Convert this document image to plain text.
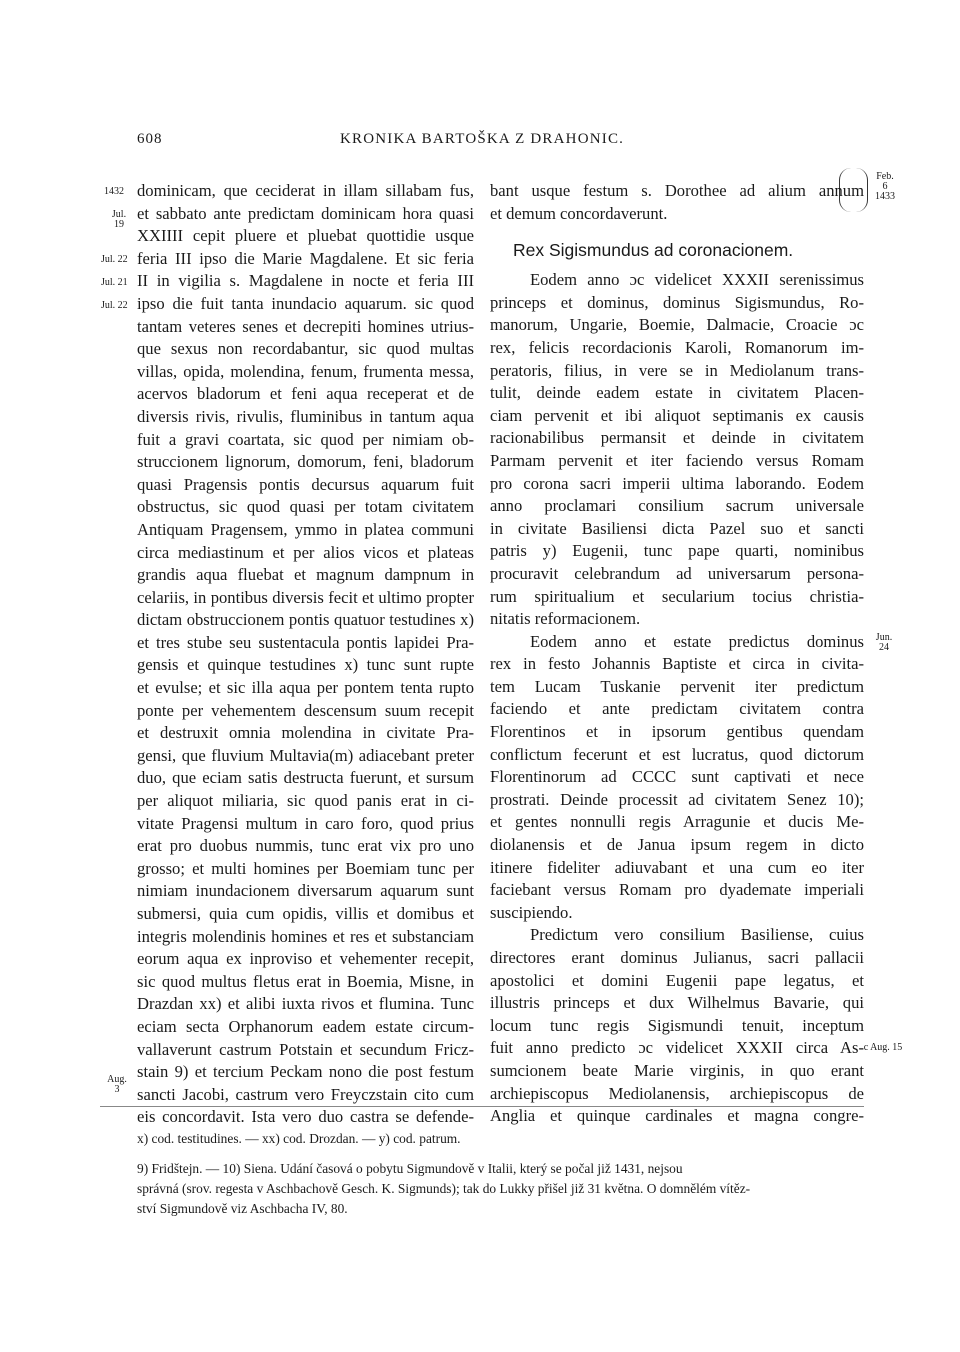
608	KRONIKA BARTOŠKA Z DRAHONIC.
1432
Jul. 19
Jul. 22
Jul. 21
Jul. 22
Aug. 3
Feb. 6 1433
Jun. 24
c Aug. 15
dominicam, que ceciderat in illam sillabam fus,
et sabbato ante predictam dominicam hora quasi
XXIIII cepit pluere et pluebat quottidie usque
feria III ipso die Marie Magdalene. Et sic feria
II in vigilia s. Magdalene in nocte et feria III
ipso die fuit tanta inundacio aquarum. sic quod
tantam veteres senes et decrepiti homines utrius-
que sexus non recordabantur, sic quod multas
villas, opida, molendina, fenum, frumenta messa,
acervos bladorum et feni aqua receperat et de
diversis rivis, rivulis, fluminibus in tantum aqua
fuit a gravi coartata, sic quod per nimiam ob-
struccionem lignorum, domorum, feni, bladorum
quasi Pragensis pontis decursus aquarum fuit
obstructus, sic quod quasi per totam civitatem
Antiquam Pragensem, ymmo in platea communi
circa mediastinum et per alios vicos et plateas
grandis aqua fluebat et magnum dampnum in
celariis, in pontibus diversis fecit et ultimo propter
dictam obstruccionem pontis quatuor testudines x)
et tres stube seu sustentacula pontis lapidei Pra-
gensis et quinque testudines x) tunc sunt rupte
et evulse; et sic illa aqua per pontem tenta rupto
ponte per vehementem descensum suum recepit
et destruxit omnia molendina in civitate Pra-
gensi, que fluvium Multavia(m) adiacebant preter
duo, que eciam satis destructa fuerunt, et sursum
per aliquot miliaria, sic quod panis erat in ci-
vitate Pragensi multum in caro foro, quod prius
erat pro duobus nummis, tunc erat vix pro uno
grosso; et multi homines per Boemiam tunc per
nimiam inundacionem diversarum aquarum sunt
submersi, quia cum opidis, villis et domibus et
integris molendinis homines et res et substanciam
eorum aqua ex inproviso et vehementer recepit,
sic quod multus fletus erat in Boemia, Misne, in
Drazdan xx) et alibi iuxta rivos et flumina. Tunc
eciam secta Orphanorum eadem estate circum-
vallaverunt castrum Potstain et secundum Fricz-
stain 9) et tercium Peckam nono die post festum
sancti Jacobi, castrum vero Freyczstain cito cum
eis concordavit. Ista vero duo castra se defende-
bant usque festum s. Dorothee ad alium annum
et demum concordaverunt.
Rex Sigismundus ad coronacionem.
Eodem anno ɔc videlicet XXXII serenissimus
princeps et dominus, dominus Sigismundus, Ro-
manorum, Ungarie, Boemie, Dalmacie, Croacie ɔc
rex, felicis recordacionis Karoli, Romanorum im-
peratoris, filius, in vere se in Mediolanum trans-
tulit, deinde eadem estate in civitatem Placen-
ciam pervenit et ibi aliquot septimanis ex causis
racionabilibus permansit et deinde in civitatem
Parmam pervenit et iter faciendo versus Romam
pro corona sacri imperii ultima laborando. Eodem
anno proclamari consilium sacrum universale
in civitate Basiliensi dicta Pazel suo et sancti
patris y) Eugenii, tunc pape quarti, nominibus
procuravit celebrandum ad universarum persona-
rum spiritualium et secularium tocius christia-
nitatis reformacionem.
Eodem anno et estate predictus dominus
rex in festo Johannis Baptiste et circa in civita-
tem Lucam Tuskanie pervenit iter predictum
faciendo et ante predictam civitatem contra
Florentinos et in ipsorum gentibus quendam
conflictum fecerunt et est lucratus, quod dictorum
Florentinorum ad CCCC sunt captivati et nece
prostrati. Deinde processit ad civitatem Senez 10);
et gentes nonnulli regis Arragunie et ducis Me-
diolanensis et de Janua ipsum regem in dicto
itinere fideliter adiuvabant et una cum eo iter
faciebant versus Romam pro dyademate imperiali
suscipiendo.
Predictum vero consilium Basiliense, cuius
directores erant dominus Julianus, sacri pallacii
apostolici et domini Eugenii pape legatus, et
illustris princeps et dux Wilhelmus Bavarie, qui
locum tunc regis Sigismundi tenuit, inceptum
fuit anno predicto ɔc videlicet XXXII circa As-
sumcionem beate Marie virginis, in quo erant
archiepiscopus Mediolanensis, archiepiscopus de
Anglia et quinque cardinales et magna congre-
x) cod. testitudines. — xx) cod. Drozdan. — y) cod. patrum.
9) Fridštejn. — 10) Siena. Udání časová o pobytu Sigmundově v Italii, který se počal již 1431, nejsou
správná (srov. regesta v Aschbachově Gesch. K. Sigmunds); tak do Lukky přišel již 31 května. O domnělém vítěz-
ství Sigmundově viz Aschbacha IV, 80.
